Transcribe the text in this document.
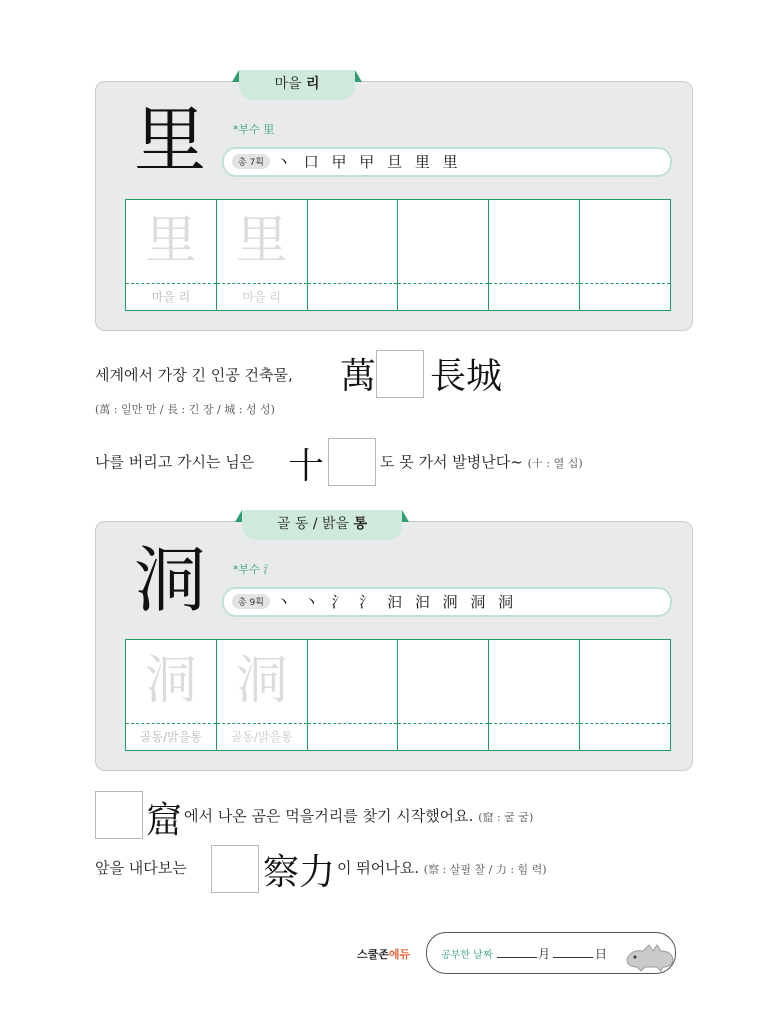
마을 리
里 *부수 里
총 7획 丶 口 曱 曱 旦 里 里
里
마을 리
里
마을 리
세계에서 가장 긴 인공 건축물, 萬 長城
(萬 : 일만 만 / 長 : 긴 장 / 城 : 성 성)
나를 버리고 가시는 님은 十	도 못 가서 발병난다~ (十 : 열 십)
골 동 / 밝을 통
洞 *부수 氵
총 9획 丶 丶 氵 氵 汩 汩 泂 洞 洞
洞
골동/밝을통
洞
골동/밝을통
窟 에서 나온 곰은 먹을거리를 찾기 시작했어요. (窟 : 굴 굴)
앞을 내다보는 察力 이 뛰어나요. (察 : 살필 찰 / 力 : 힘 력)
스쿨존에듀	공부한 날짜	月	日
